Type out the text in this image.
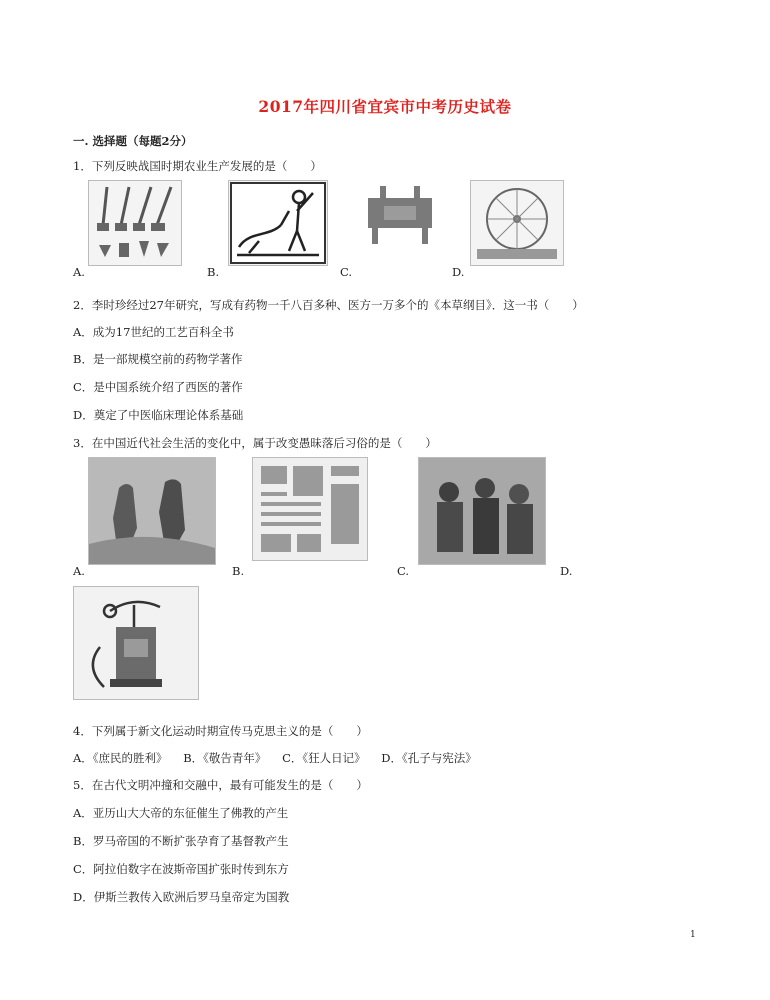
2017年四川省宜宾市中考历史试卷
一. 选择题（每题2分）
1．下列反映战国时期农业生产发展的是（　　）
A.	B.	C.	D.
2．李时珍经过27年研究，写成有药物一千八百多种、医方一万多个的《本草纲目》．这一书（　　）
A．成为17世纪的工艺百科全书
B．是一部规模空前的药物学著作
C．是中国系统介绍了西医的著作
D．奠定了中医临床理论体系基础
3．在中国近代社会生活的变化中，属于改变愚昧落后习俗的是（　　）
A.	B.	C.	D.
4．下列属于新文化运动时期宣传马克思主义的是（　　）
A．《庶民的胜利》 B．《敬告青年》 C．《狂人日记》 D．《孔子与宪法》
5．在古代文明冲撞和交融中，最有可能发生的是（　　）
A．亚历山大大帝的东征催生了佛教的产生
B．罗马帝国的不断扩张孕育了基督教产生
C．阿拉伯数字在波斯帝国扩张时传到东方
D．伊斯兰教传入欧洲后罗马皇帝定为国教
1
